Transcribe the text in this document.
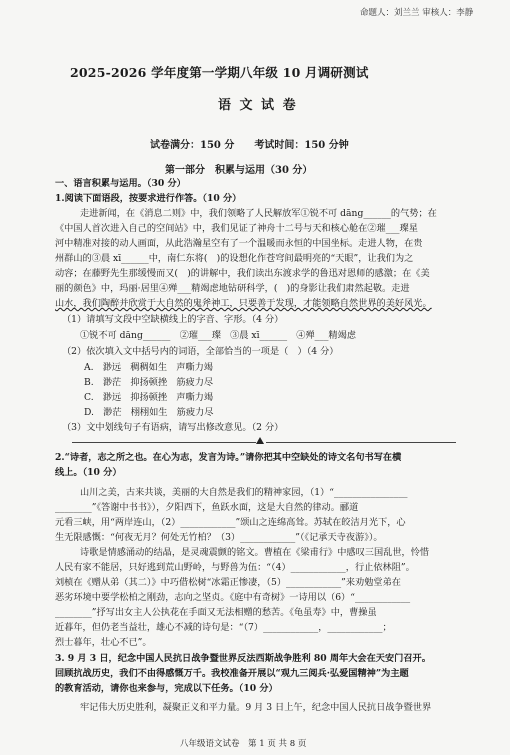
命题人：刘兰兰 审核人：李静
2025-2026 学年度第一学期八年级 10 月调研测试
语 文 试 卷
试卷满分：150 分　　考试时间：150 分钟
第一部分　积累与运用（30 分）
一、语言积累与运用。（30 分）
1.阅读下面语段，按要求进行作答。（10 分）
走进新闻，在《消息二则》中，我们领略了人民解放军①锐不可 dāng______的气势；在
《中国人首次进入自己的空间站》中，我们见证了神舟十二号与天和核心舱在②璀___璨星
河中精准对接的动人画面，从此浩瀚星空有了一个温暖而永恒的中国坐标。走进人物，在贵
州群山的③晨 xī______中，南仁东将(　)的设想化作苍穹间最明亮的“天眼”，让我们为之
动容；在藤野先生那缓慢而又(　)的讲解中，我们读出东渡求学的鲁迅对恩师的感激；在《美
丽的颜色》中，玛丽·居里④殚___精竭虑地钻研科学，(　)的身影让我们肃然起敬。走进
山水，我们陶醉并欣赏于大自然的鬼斧神工，只要善于发现，才能领略自然世界的美好风光。
（1）请填写文段中空缺横线上的字音、字形。（4 分）
①锐不可 dāng______　②璀___璨　③晨 xī______　④殚___精竭虑
（2）依次填入文中括号内的词语，全部恰当的一项是（　）（4 分）
A.　渺远　稠稠如生　声嘶力竭
B.　渺茫　抑扬顿挫　筋疲力尽
C.　渺远　抑扬顿挫　声嘶力竭
D.　渺茫　栩栩如生　筋疲力尽
（3）文中划线句子有语病，请写出修改意见。（2 分）
2.“诗者，志之所之也。在心为志，发言为诗。”请你把其中空缺处的诗文名句书写在横
线上。（10 分）
山川之美，古来共谈，美丽的大自然是我们的精神家园，（1）“________________
________”《答谢中书书》），夕阳西下，鱼跃水面，这是大自然的律动。郦道
元看三峡，用“两岸连山，（2）____________”颂山之连绵高耸。苏轼在皎洁月光下，心
生无限感慨：“何夜无月？何处无竹柏？（3）____________”（《记承天寺夜游》）。
诗歌是情感涌动的结晶，是灵魂震颤的铭文。曹植在《梁甫行》中感叹三国乱世，怜惜
人民有家不能居，只好逃到荒山野岭，与野兽为伍：“（4）____________，行止依林阻”。
刘桢在《赠从弟（其二）》中巧借松树“冰霜正惨凄，（5）____________”来劝勉堂弟在
恶劣环境中要学松柏之刚劲，志向之坚贞。《庭中有奇树》一诗用以（6）“____________
________”抒写出女主人公执花在手面又无法相赠的愁苦。《龟虽寿》中，曹操虽
近暮年，但仍老当益壮，雄心不减的诗句是：“（7）____________，____________；
烈士暮年，壮心不已”。
3. 9 月 3 日，纪念中国人民抗日战争暨世界反法西斯战争胜利 80 周年大会在天安门召开。
回顾抗战历史，我们不由得感慨万千。我校准备开展以“观九三阅兵·弘爱国精神”为主题
的教育活动，请你也来参与，完成以下任务。（10 分）
牢记伟大历史胜利，凝聚正义和平力量。9 月 3 日上午，纪念中国人民抗日战争暨世界
八年级语文试卷　第 1 页 共 8 页
